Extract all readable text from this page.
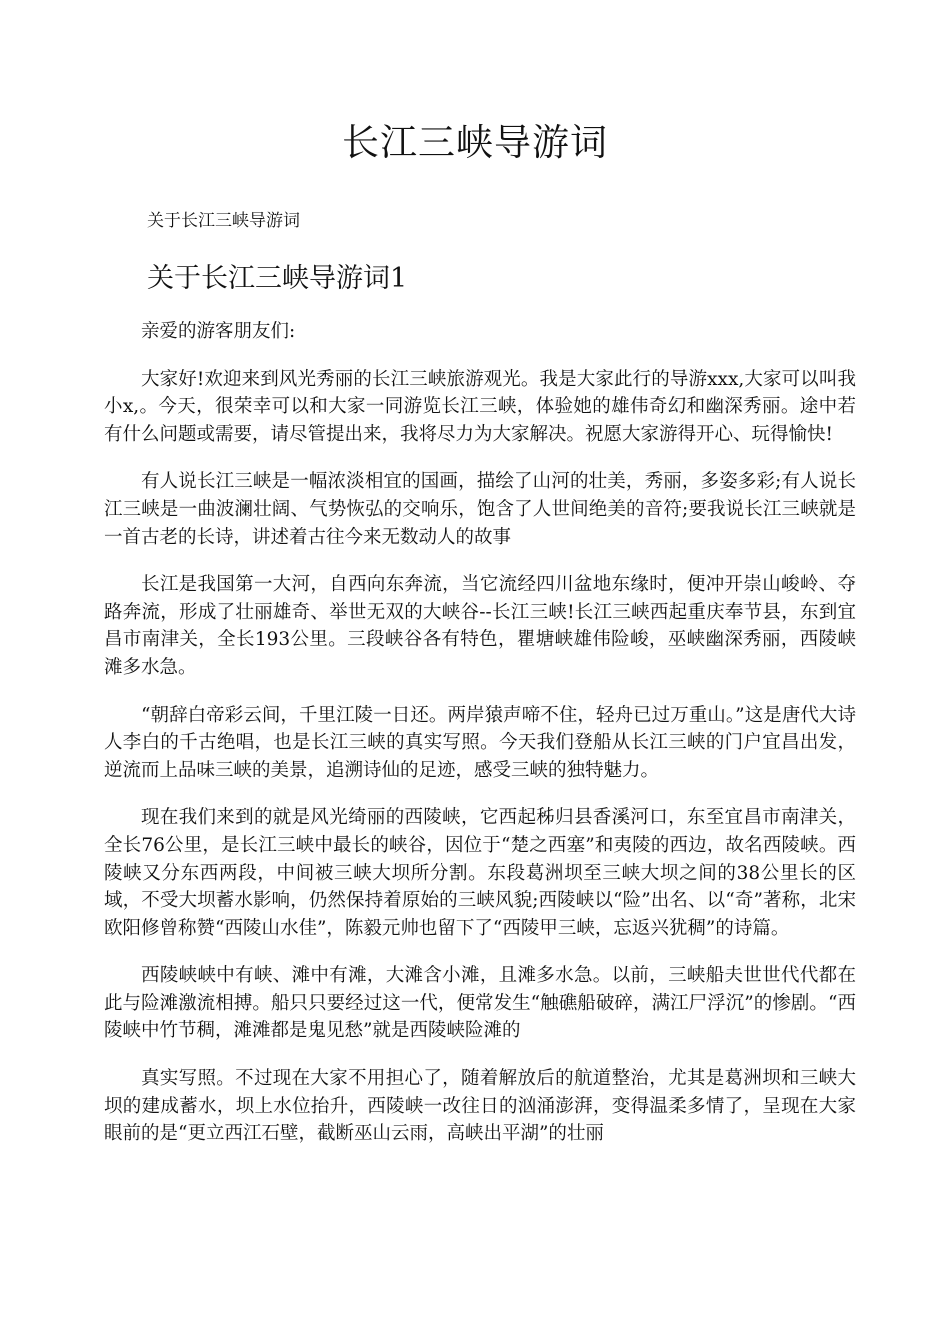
长江三峡导游词

关于长江三峡导游词

关于长江三峡导游词1

亲爱的游客朋友们:

大家好!欢迎来到风光秀丽的长江三峡旅游观光。我是大家此行的导游xxx,大家可以叫我小x,。今天，很荣幸可以和大家一同游览长江三峡，体验她的雄伟奇幻和幽深秀丽。途中若有什么问题或需要，请尽管提出来，我将尽力为大家解决。祝愿大家游得开心、玩得愉快!

有人说长江三峡是一幅浓淡相宜的国画，描绘了山河的壮美，秀丽，多姿多彩;有人说长江三峡是一曲波澜壮阔、气势恢弘的交响乐，饱含了人世间绝美的音符;要我说长江三峡就是一首古老的长诗，讲述着古往今来无数动人的故事

长江是我国第一大河，自西向东奔流，当它流经四川盆地东缘时，便冲开崇山峻岭、夺路奔流，形成了壮丽雄奇、举世无双的大峡谷--长江三峡!长江三峡西起重庆奉节县，东到宜昌市南津关，全长193公里。三段峡谷各有特色，瞿塘峡雄伟险峻，巫峡幽深秀丽，西陵峡滩多水急。

“朝辞白帝彩云间，千里江陵一日还。两岸猿声啼不住，轻舟已过万重山。”这是唐代大诗人李白的千古绝唱，也是长江三峡的真实写照。今天我们登船从长江三峡的门户宜昌出发，逆流而上品味三峡的美景，追溯诗仙的足迹，感受三峡的独特魅力。

现在我们来到的就是风光绮丽的西陵峡，它西起秭归县香溪河口，东至宜昌市南津关，全长76公里，是长江三峡中最长的峡谷，因位于“楚之西塞”和夷陵的西边，故名西陵峡。西陵峡又分东西两段，中间被三峡大坝所分割。东段葛洲坝至三峡大坝之间的38公里长的区域，不受大坝蓄水影响，仍然保持着原始的三峡风貌;西陵峡以“险”出名、以“奇”著称，北宋欧阳修曾称赞“西陵山水佳”，陈毅元帅也留下了“西陵甲三峡，忘返兴犹稠”的诗篇。

西陵峡峡中有峡、滩中有滩，大滩含小滩，且滩多水急。以前，三峡船夫世世代代都在此与险滩激流相搏。船只只要经过这一代，便常发生“触礁船破碎，满江尸浮沉”的惨剧。“西陵峡中竹节稠，滩滩都是鬼见愁”就是西陵峡险滩的

真实写照。不过现在大家不用担心了，随着解放后的航道整治，尤其是葛洲坝和三峡大坝的建成蓄水，坝上水位抬升，西陵峡一改往日的汹涌澎湃，变得温柔多情了，呈现在大家眼前的是“更立西江石壁，截断巫山云雨，高峡出平湖”的壮丽
